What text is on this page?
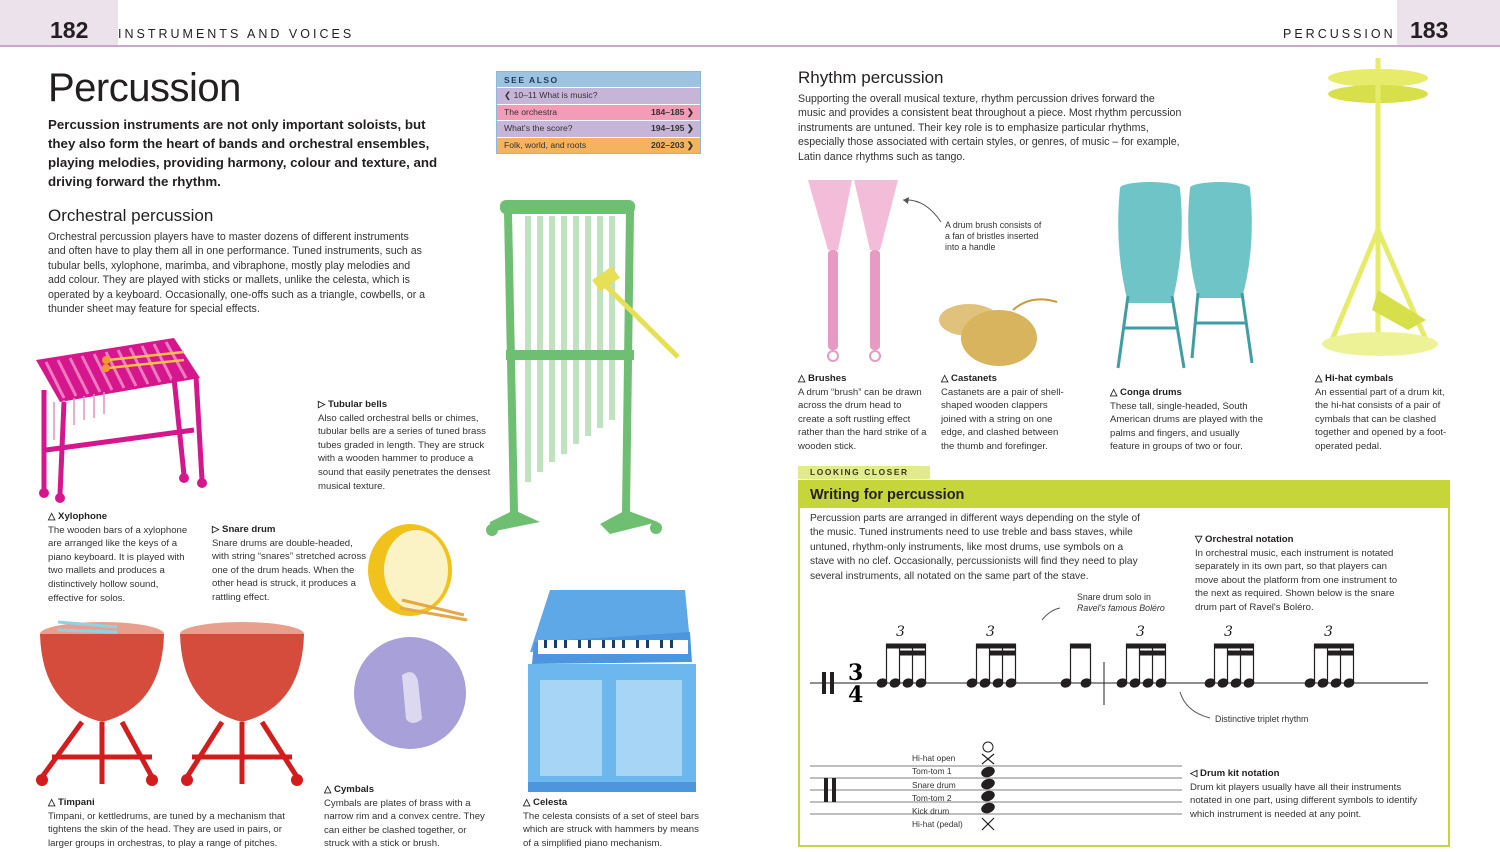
182 INSTRUMENTS AND VOICES	PERCUSSION 183
Percussion
Percussion instruments are not only important soloists, but they also form the heart of bands and orchestral ensembles, playing melodies, providing harmony, colour and texture, and driving forward the rhythm.
SEE ALSO
❮ 10–11 What is music?
The orchestra	184–185 ❯
What's the score?	194–195 ❯
Folk, world, and roots	202–203 ❯
Orchestral percussion
Orchestral percussion players have to master dozens of different instruments and often have to play them all in one performance. Tuned instruments, such as tubular bells, xylophone, marimba, and vibraphone, mostly play melodies and add colour. They are played with sticks or mallets, unlike the celesta, which is operated by a keyboard. Occasionally, one-offs such as a triangle, cowbells, or a thunder sheet may feature for special effects.
▷ Tubular bells
Also called orchestral bells or chimes, tubular bells are a series of tuned brass tubes graded in length. They are struck with a wooden hammer to produce a sound that easily penetrates the densest musical texture.
△ Xylophone
The wooden bars of a xylophone are arranged like the keys of a piano keyboard. It is played with two mallets and produces a distinctively hollow sound, effective for solos.
▷ Snare drum
Snare drums are double-headed, with string “snares” stretched across one of the drum heads. When the other head is struck, it produces a rattling effect.
△ Timpani
Timpani, or kettledrums, are tuned by a mechanism that tightens the skin of the head. They are used in pairs, or larger groups in orchestras, to play a range of pitches.
△ Cymbals
Cymbals are plates of brass with a narrow rim and a convex centre. They can either be clashed together, or struck with a stick or brush.
△ Celesta
The celesta consists of a set of steel bars which are struck with hammers by means of a simplified piano mechanism.
Rhythm percussion
Supporting the overall musical texture, rhythm percussion drives forward the music and provides a consistent beat throughout a piece. Most rhythm percussion instruments are untuned. Their key role is to emphasize particular rhythms, especially those associated with certain styles, or genres, of music – for example, Latin dance rhythms such as tango.
A drum brush consists of a fan of bristles inserted into a handle
△ Brushes
A drum “brush” can be drawn across the drum head to create a soft rustling effect rather than the hard strike of a wooden stick.
△ Castanets
Castanets are a pair of shell-shaped wooden clappers joined with a string on one edge, and clashed between the thumb and forefinger.
△ Conga drums
These tall, single-headed, South American drums are played with the palms and fingers, and usually feature in groups of two or four.
△ Hi-hat cymbals
An essential part of a drum kit, the hi-hat consists of a pair of cymbals that can be clashed together and opened by a foot-operated pedal.
LOOKING CLOSER
Writing for percussion
Percussion parts are arranged in different ways depending on the style of the music. Tuned instruments need to use treble and bass staves, while untuned, rhythm-only instruments, like most drums, use symbols on a stave with no clef. Occasionally, percussionists will find they need to play several instruments, all notated on the same part of the stave.
▽ Orchestral notation
In orchestral music, each instrument is notated separately in its own part, so that players can move about the platform from one instrument to the next as required. Shown below is the snare drum part of Ravel's Boléro.
Snare drum solo in
Ravel's famous Boléro
Distinctive triplet rhythm
3
4
3	3	3	3	3
Hi-hat open
Tom-tom 1
Snare drum
Tom-tom 2
Kick drum
Hi-hat (pedal)
◁ Drum kit notation
Drum kit players usually have all their instruments notated in one part, using different symbols to identify which instrument is needed at any point.
